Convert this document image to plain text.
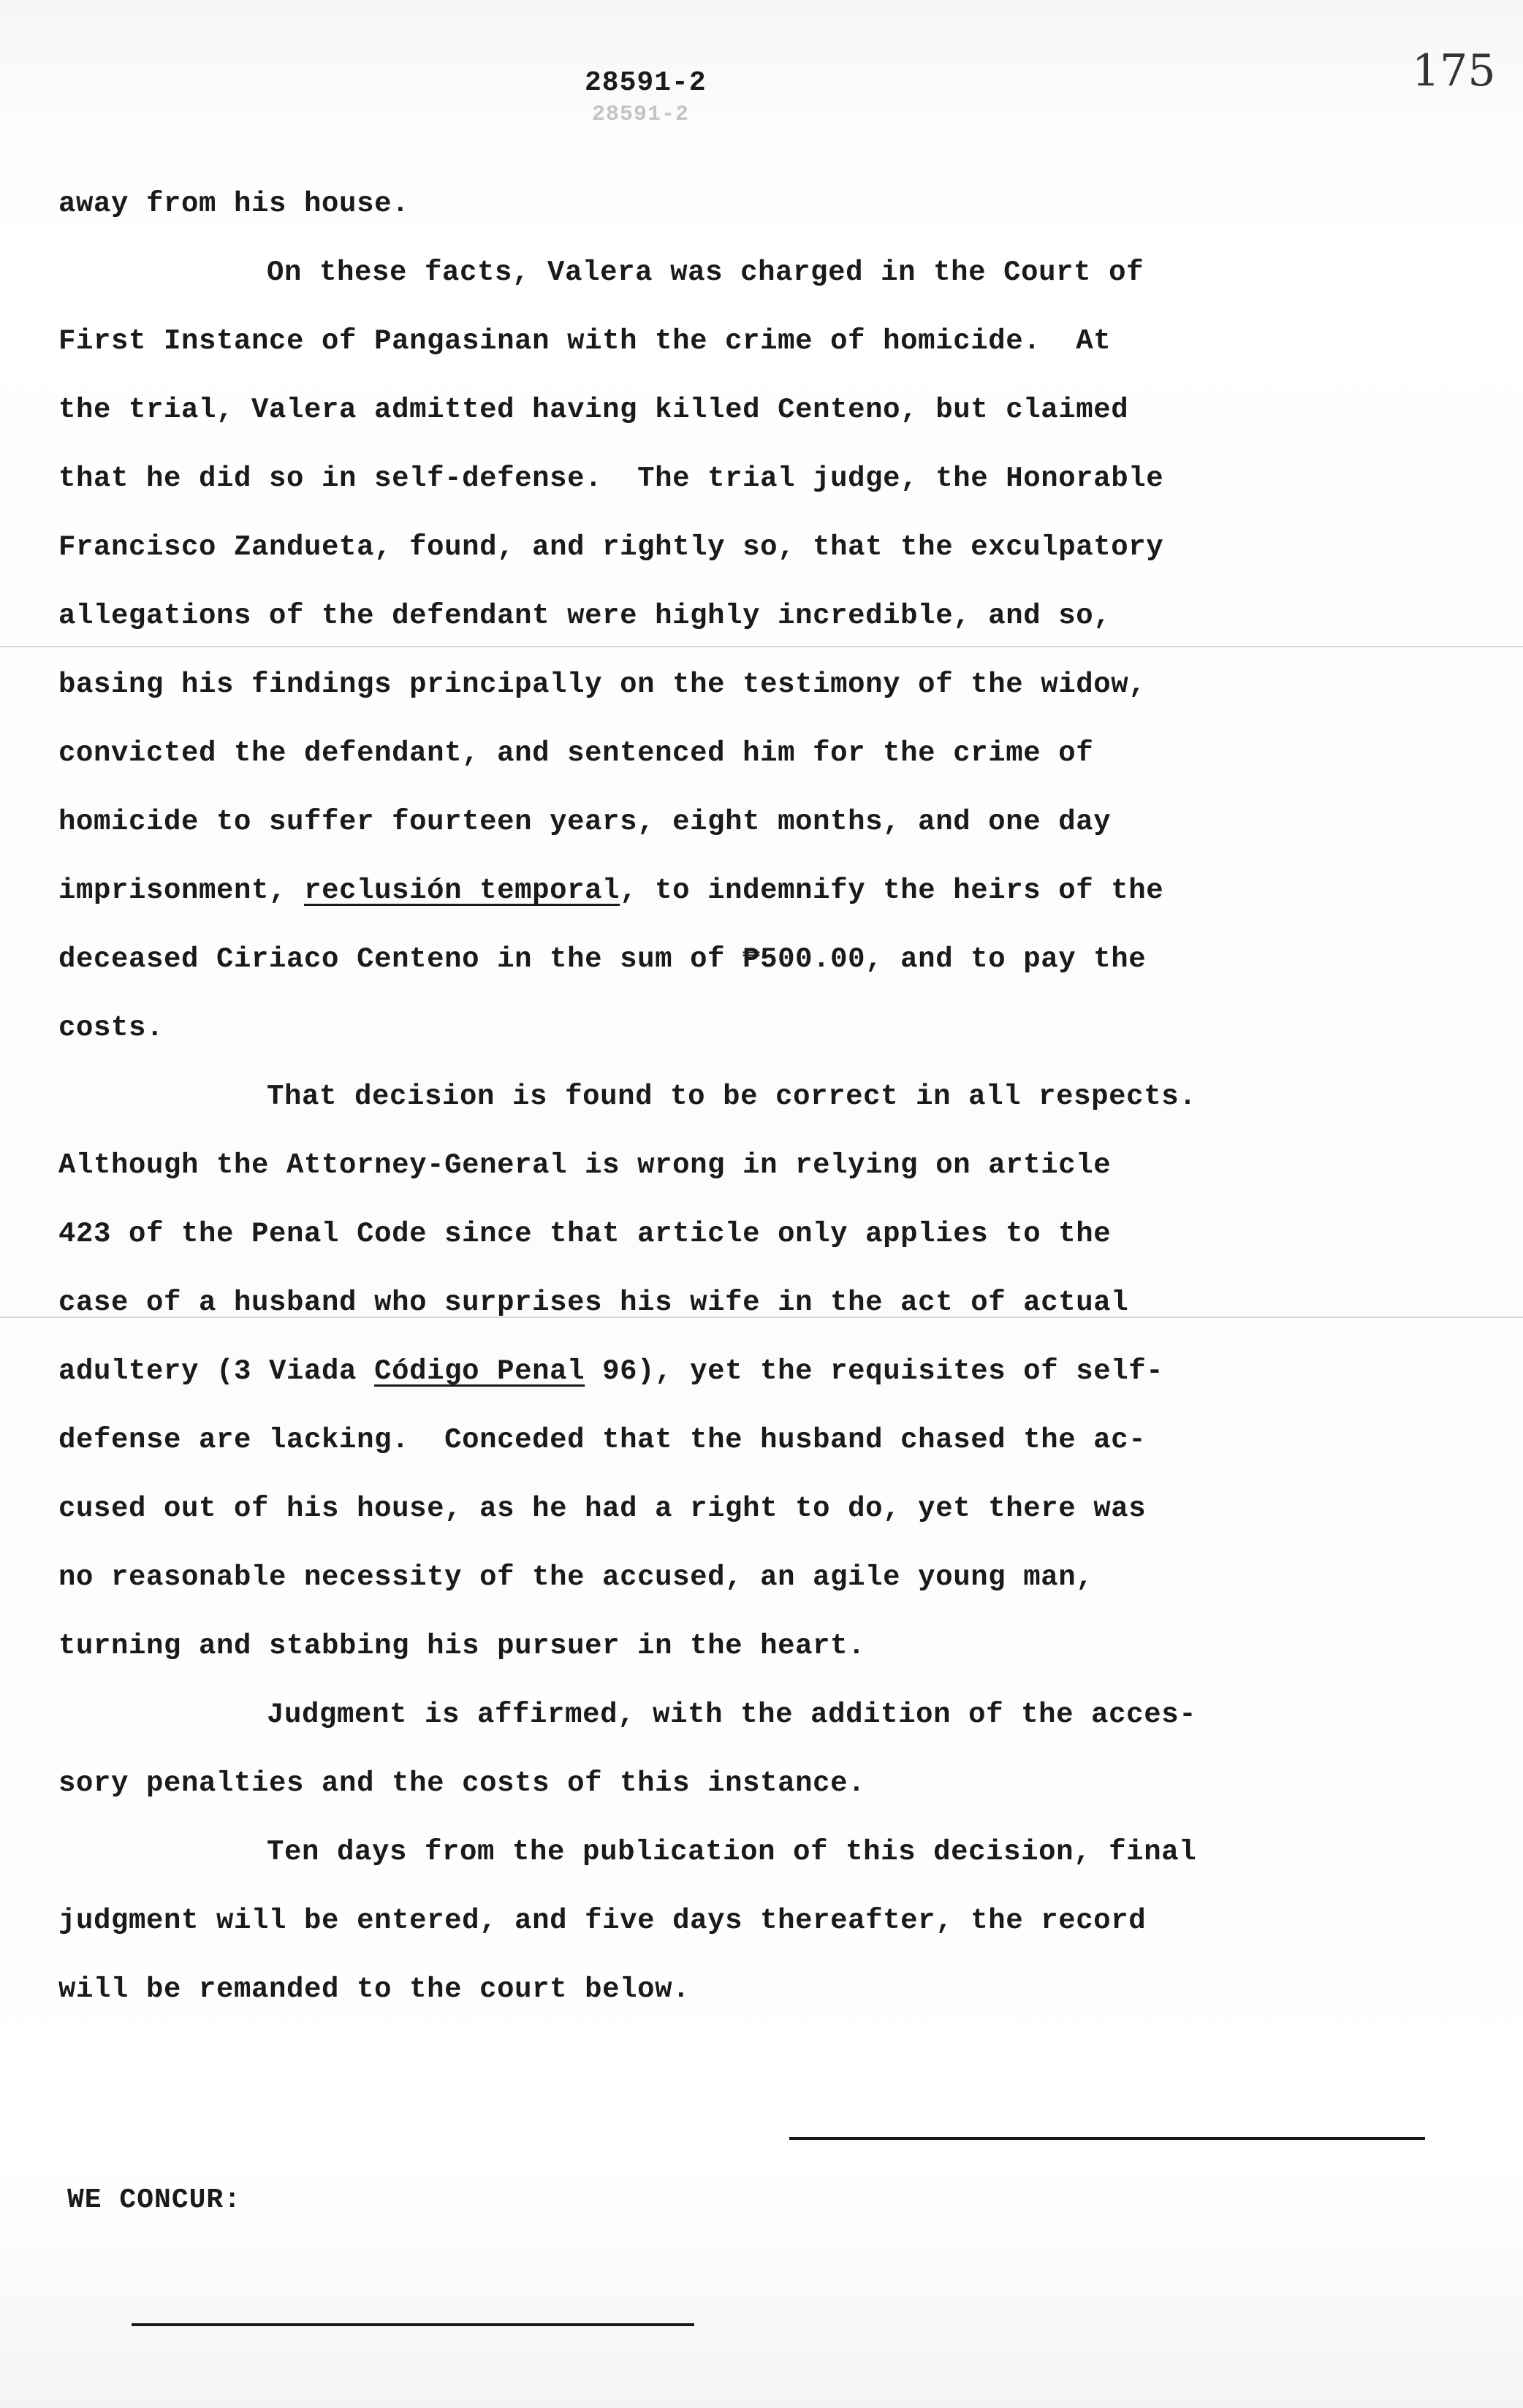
28591-2
28591-2
175
away from his house.
On these facts, Valera was charged in the Court of
First Instance of Pangasinan with the crime of homicide.  At
the trial, Valera admitted having killed Centeno, but claimed
that he did so in self-defense.  The trial judge, the Honorable
Francisco Zandueta, found, and rightly so, that the exculpatory
allegations of the defendant were highly incredible, and so,
basing his findings principally on the testimony of the widow,
convicted the defendant, and sentenced him for the crime of
homicide to suffer fourteen years, eight months, and one day
imprisonment, reclusión temporal, to indemnify the heirs of the
deceased Ciriaco Centeno in the sum of ₱500.00, and to pay the
costs.
That decision is found to be correct in all respects.
Although the Attorney-General is wrong in relying on article
423 of the Penal Code since that article only applies to the
case of a husband who surprises his wife in the act of actual
adultery (3 Viada Código Penal 96), yet the requisites of self-
defense are lacking.  Conceded that the husband chased the ac-
cused out of his house, as he had a right to do, yet there was
no reasonable necessity of the accused, an agile young man,
turning and stabbing his pursuer in the heart.
Judgment is affirmed, with the addition of the acces-
sory penalties and the costs of this instance.
Ten days from the publication of this decision, final
judgment will be entered, and five days thereafter, the record
will be remanded to the court below.
WE CONCUR:
